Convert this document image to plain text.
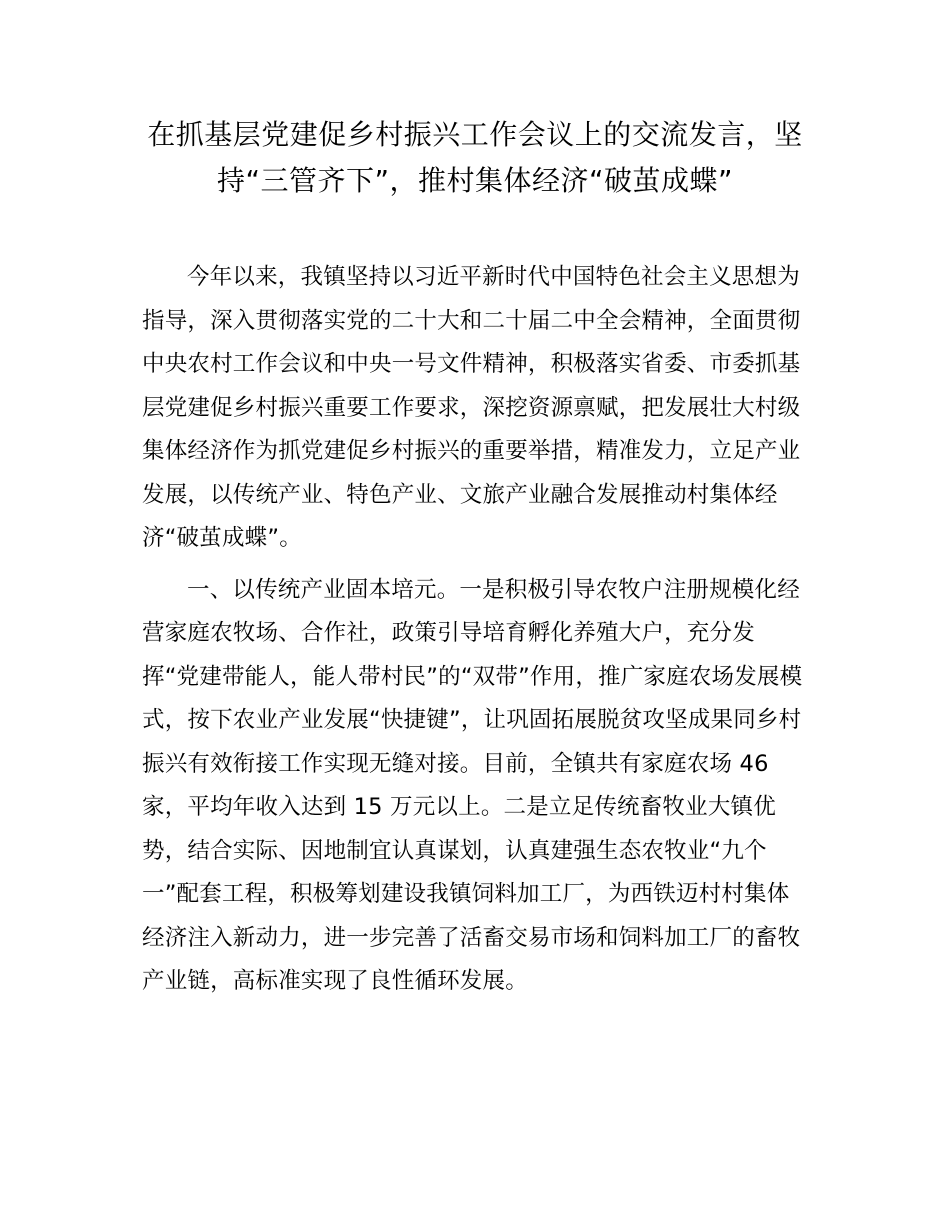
在抓基层党建促乡村振兴工作会议上的交流发言，坚持“三管齐下”，推村集体经济“破茧成蝶”

今年以来，我镇坚持以习近平新时代中国特色社会主义思想为指导，深入贯彻落实党的二十大和二十届二中全会精神，全面贯彻中央农村工作会议和中央一号文件精神，积极落实省委、市委抓基层党建促乡村振兴重要工作要求，深挖资源禀赋，把发展壮大村级集体经济作为抓党建促乡村振兴的重要举措，精准发力，立足产业发展，以传统产业、特色产业、文旅产业融合发展推动村集体经济“破茧成蝶”。

一、以传统产业固本培元。一是积极引导农牧户注册规模化经营家庭农牧场、合作社，政策引导培育孵化养殖大户，充分发挥“党建带能人，能人带村民”的“双带”作用，推广家庭农场发展模式，按下农业产业发展“快捷键”，让巩固拓展脱贫攻坚成果同乡村振兴有效衔接工作实现无缝对接。目前，全镇共有家庭农场 46 家，平均年收入达到 15 万元以上。二是立足传统畜牧业大镇优势，结合实际、因地制宜认真谋划，认真建强生态农牧业“九个一”配套工程，积极筹划建设我镇饲料加工厂，为西铁迈村村集体经济注入新动力，进一步完善了活畜交易市场和饲料加工厂的畜牧产业链，高标准实现了良性循环发展。
